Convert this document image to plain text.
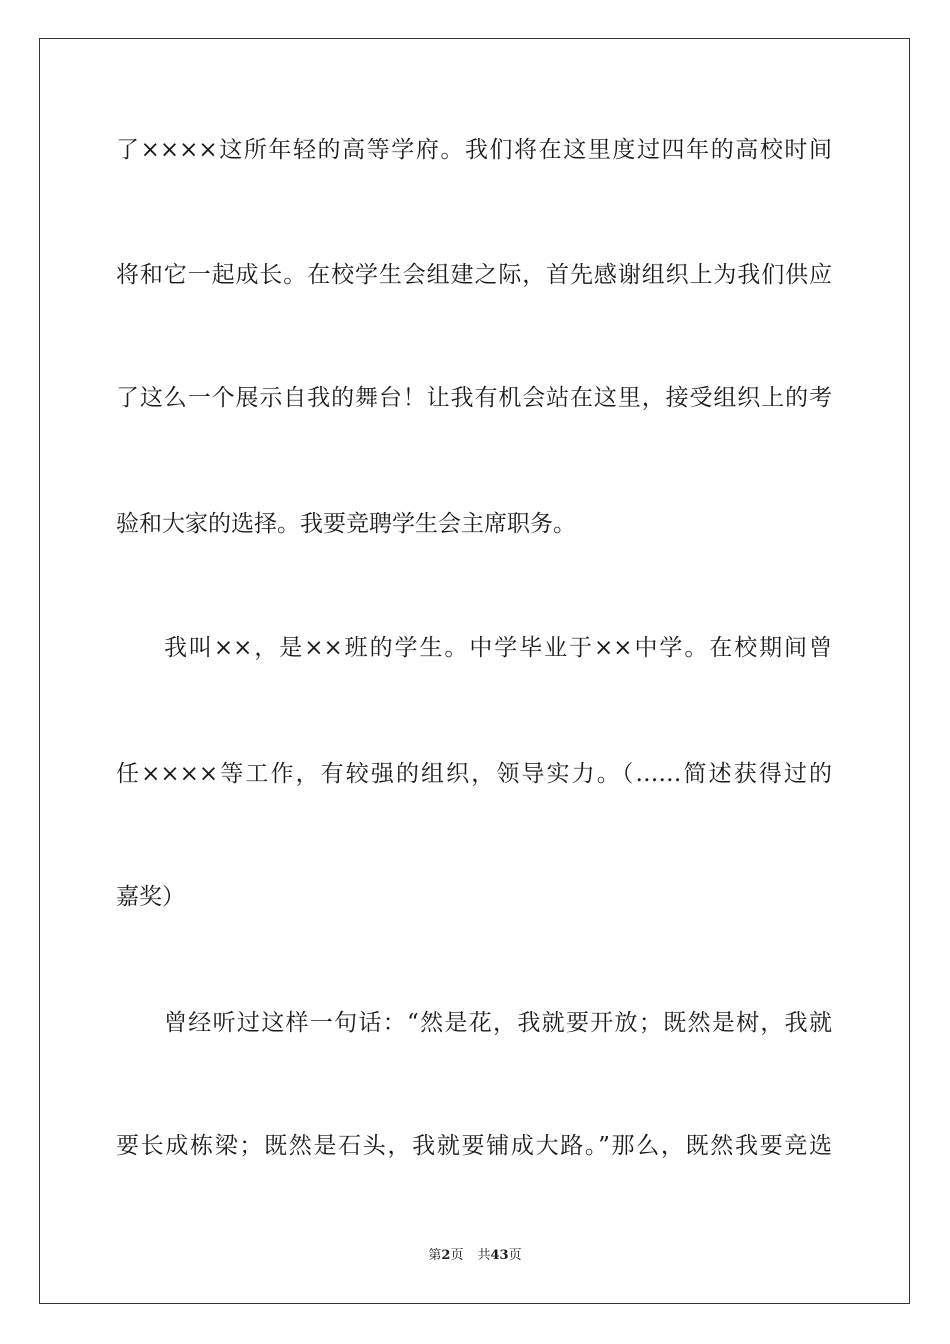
了××××这所年轻的高等学府。我们将在这里度过四年的高校时间
将和它一起成长。在校学生会组建之际，首先感谢组织上为我们供应
了这么一个展示自我的舞台！让我有机会站在这里，接受组织上的考
验和大家的选择。我要竞聘学生会主席职务。
我叫××，是××班的学生。中学毕业于××中学。在校期间曾
任××××等工作，有较强的组织，领导实力。（……简述获得过的
嘉奖）
曾经听过这样一句话：“然是花，我就要开放；既然是树，我就
要长成栋梁；既然是石头，我就要铺成大路。”那么，既然我要竞选
第2页 共43页
